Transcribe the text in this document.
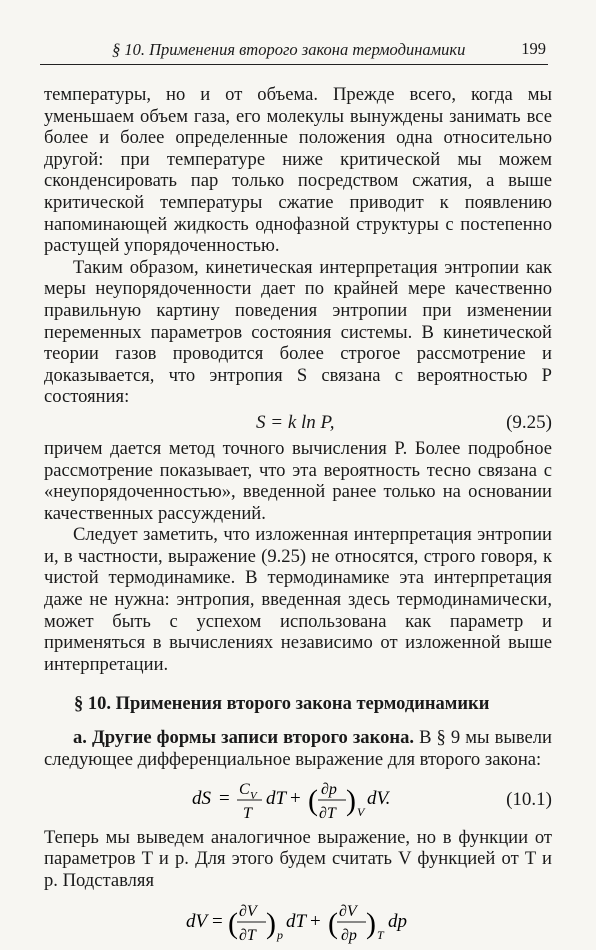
§ 10. Применения второго закона термодинамики	199

температуры, но и от объема. Прежде всего, когда мы уменьшаем объем газа, его молекулы вынуждены занимать все более и более определенные положения одна относительно другой: при температуре ниже критической мы можем сконденсировать пар только посредством сжатия, а выше критической температуры сжатие приводит к появлению напоминающей жидкость однофазной структуры с постепенно растущей упорядоченностью.

Таким образом, кинетическая интерпретация энтропии как меры неупорядоченности дает по крайней мере качественно правильную картину поведения энтропии при изменении переменных параметров состояния системы. В кинетической теории газов проводится более строгое рассмотрение и доказывается, что энтропия S связана с вероятностью P состояния:

S = k ln P,	(9.25)

причем дается метод точного вычисления P. Более подробное рассмотрение показывает, что эта вероятность тесно связана с «неупорядоченностью», введенной ранее только на основании качественных рассуждений.

Следует заметить, что изложенная интерпретация энтропии и, в частности, выражение (9.25) не относятся, строго говоря, к чистой термодинамике. В термодинамике эта интерпретация даже не нужна: энтропия, введенная здесь термодинамически, может быть с успехом использована как параметр и применяться в вычислениях независимо от изложенной выше интерпретации.

§ 10. Применения второго закона термодинамики

а. Другие формы записи второго закона. В § 9 мы вывели следующее дифференциальное выражение для второго закона:

dS = C V
T
dT + ( ∂p
∂T ) V
dV.	(10.1)

Теперь мы выведем аналогичное выражение, но в функции от параметров T и p. Для этого будем считать V функцией от T и p. Подставляя

dV = ( ∂V
∂T ) p
dT + ( ∂V
∂p ) T
dp
